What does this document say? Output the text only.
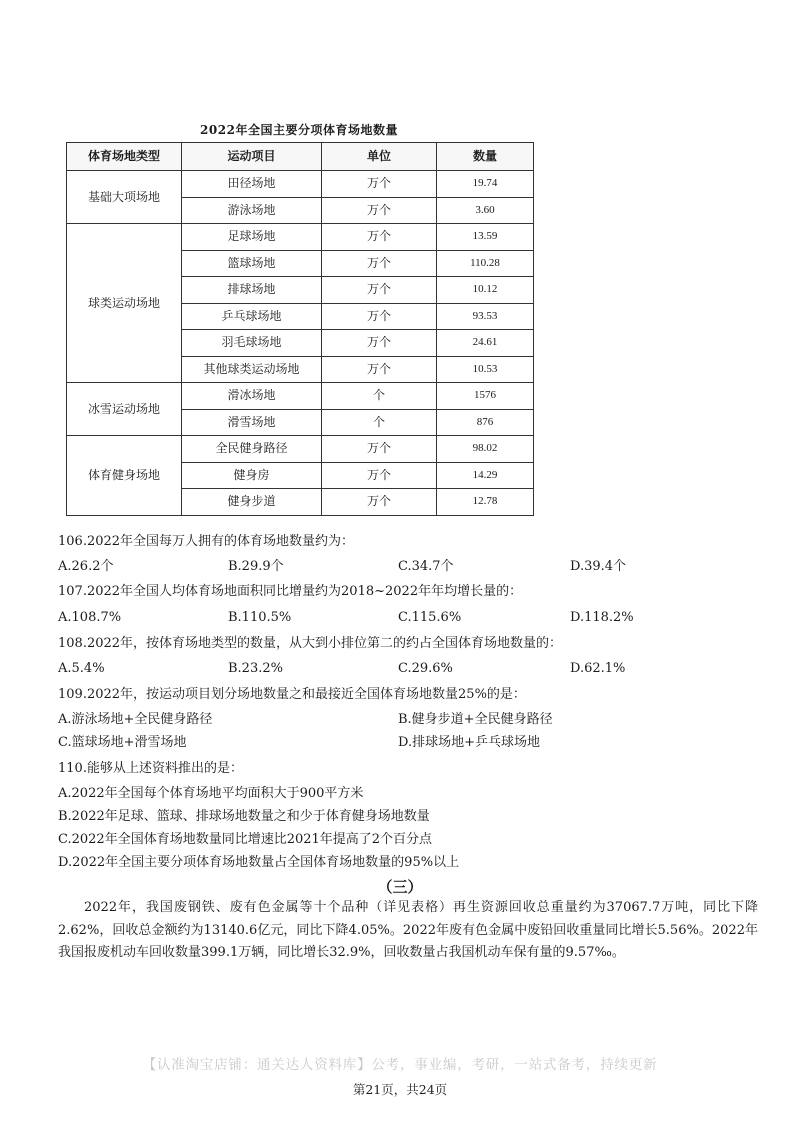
2022年全国主要分项体育场地数量
体育场地类型	运动项目	单位	数量
基础大项场地	田径场地	万个	19.74
	游泳场地	万个	3.60
球类运动场地	足球场地	万个	13.59
	篮球场地	万个	110.28
	排球场地	万个	10.12
	乒乓球场地	万个	93.53
	羽毛球场地	万个	24.61
	其他球类运动场地	万个	10.53
冰雪运动场地	滑冰场地	个	1576
	滑雪场地	个	876
体育健身场地	全民健身路径	万个	98.02
	健身房	万个	14.29
	健身步道	万个	12.78
106.2022年全国每万人拥有的体育场地数量约为：
A.26.2个	B.29.9个	C.34.7个	D.39.4个
107.2022年全国人均体育场地面积同比增量约为2018~2022年年均增长量的：
A.108.7%	B.110.5%	C.115.6%	D.118.2%
108.2022年，按体育场地类型的数量，从大到小排位第二的约占全国体育场地数量的：
A.5.4%	B.23.2%	C.29.6%	D.62.1%
109.2022年，按运动项目划分场地数量之和最接近全国体育场地数量25%的是：
A.游泳场地+全民健身路径	B.健身步道+全民健身路径
C.篮球场地+滑雪场地	D.排球场地+乒乓球场地
110.能够从上述资料推出的是：
A.2022年全国每个体育场地平均面积大于900平方米
B.2022年足球、篮球、排球场地数量之和少于体育健身场地数量
C.2022年全国体育场地数量同比增速比2021年提高了2个百分点
D.2022年全国主要分项体育场地数量占全国体育场地数量的95%以上
（三）
2022年，我国废钢铁、废有色金属等十个品种（详见表格）再生资源回收总重量约为37067.7万吨，同比下降2.62%，回收总金额约为13140.6亿元，同比下降4.05%。2022年废有色金属中废铅回收重量同比增长5.56%。2022年我国报废机动车回收数量399.1万辆，同比增长32.9%，回收数量占我国机动车保有量的9.57‰。
【认准淘宝店铺：通关达人资料库】公考，事业编，考研，一站式备考，持续更新
第21页，共24页
